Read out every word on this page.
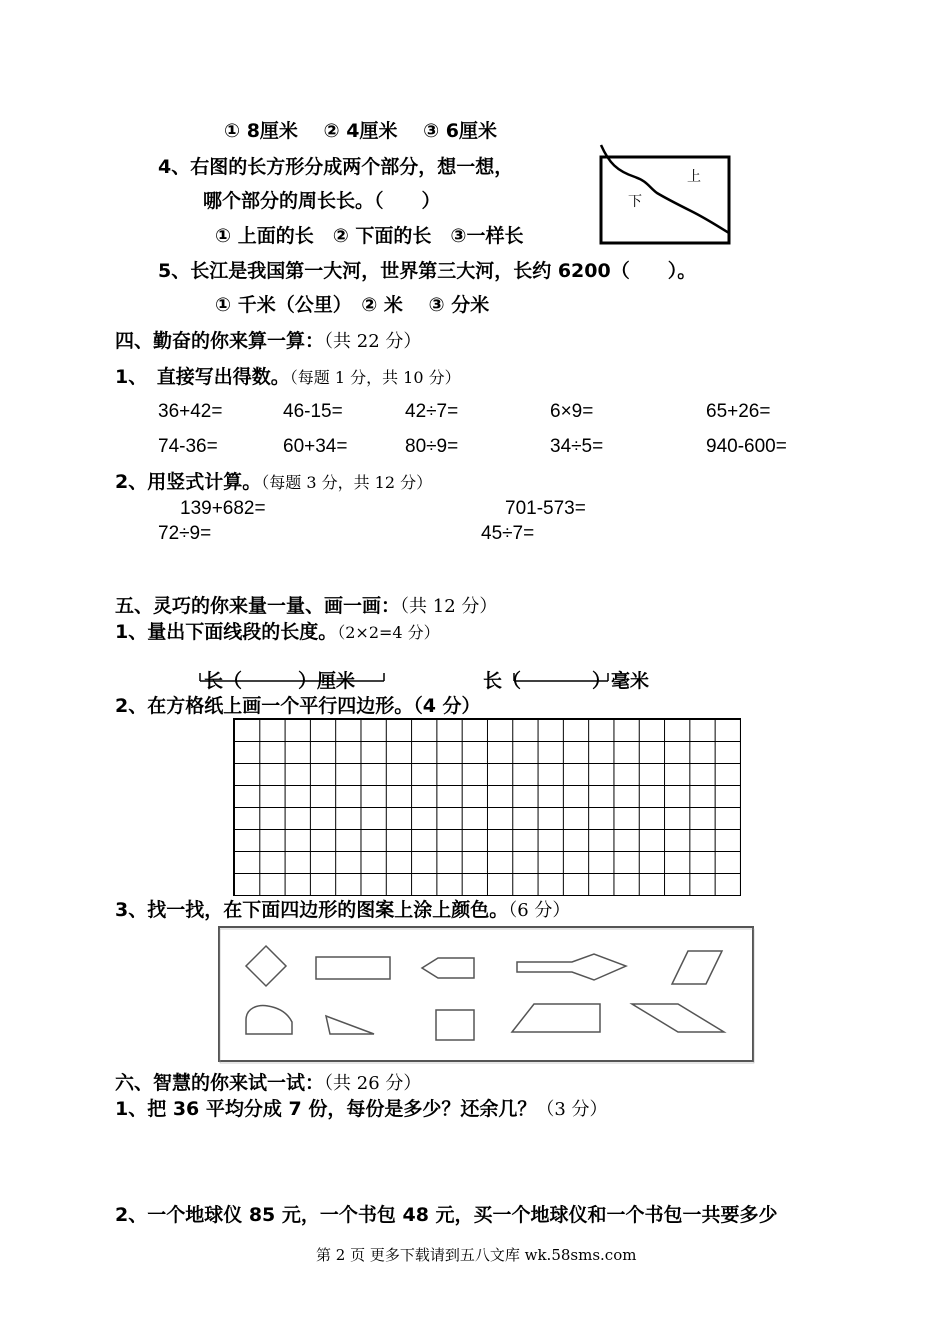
① 8厘米　 ② 4厘米　 ③ 6厘米
4、右图的长方形分成两个部分，想一想，
哪个部分的周长长。（　　）
① 上面的长　② 下面的长　③一样长
上
下
5、长江是我国第一大河，世界第三大河，长约 6200（　　）。
① 千米（公里）　② 米　 ③ 分米
四、勤奋的你来算一算：（共 22 分）
1、　直接写出得数。（每题 1 分，共 10 分）
36+42=	46-15=	42÷7=	6×9=	65+26=
74-36=	60+34=	80÷9=	34÷5=	940-600=
2、用竖式计算。（每题 3 分，共 12 分）
139+682=	701-573=
72÷9=	45÷7=
五、灵巧的你来量一量、画一画：（共 12 分）
1、量出下面线段的长度。（2×2=4 分）
长（	）厘米	长（	）毫米
2、在方格纸上画一个平行四边形。（4 分）
3、找一找，在下面四边形的图案上涂上颜色。（6 分）
六、智慧的你来试一试：（共 26 分）
1、把 36 平均分成 7 份，每份是多少？还余几？（3 分）
2、一个地球仪 85 元，一个书包 48 元，买一个地球仪和一个书包一共要多少
第 2 页 更多下载请到五八文库 wk.58sms.com
